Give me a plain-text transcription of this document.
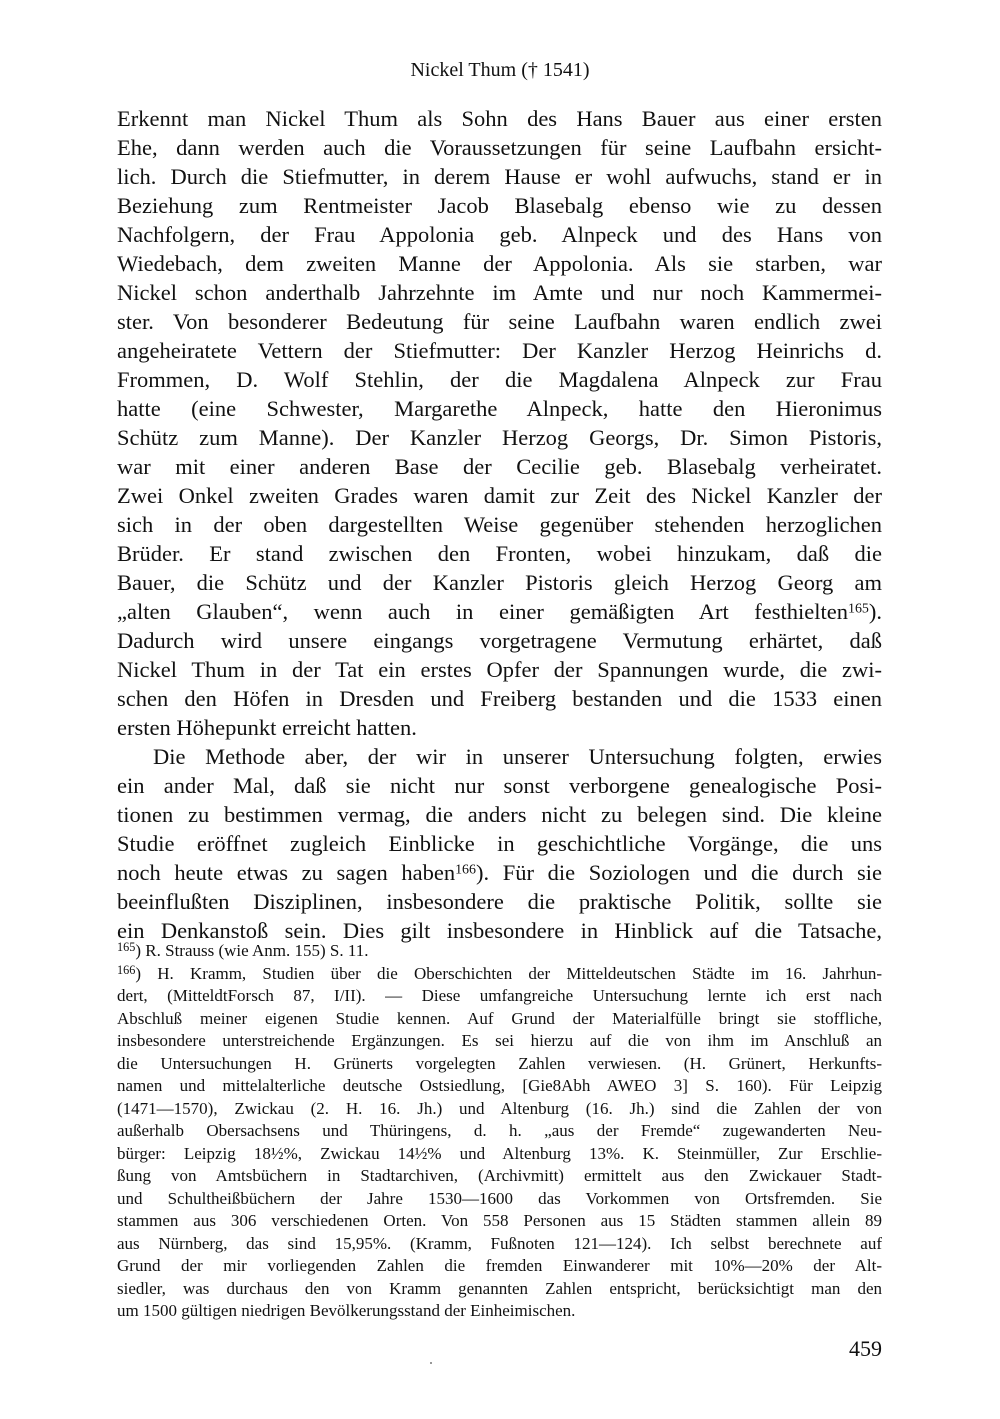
Nickel Thum († 1541)

Erkennt man Nickel Thum als Sohn des Hans Bauer aus einer ersten
Ehe, dann werden auch die Voraussetzungen für seine Laufbahn ersicht-
lich. Durch die Stiefmutter, in derem Hause er wohl aufwuchs, stand er in
Beziehung zum Rentmeister Jacob Blasebalg ebenso wie zu dessen
Nachfolgern, der Frau Appolonia geb. Alnpeck und des Hans von
Wiedebach, dem zweiten Manne der Appolonia. Als sie starben, war
Nickel schon anderthalb Jahrzehnte im Amte und nur noch Kammermei-
ster. Von besonderer Bedeutung für seine Laufbahn waren endlich zwei
angeheiratete Vettern der Stiefmutter: Der Kanzler Herzog Heinrichs d.
Frommen, D. Wolf Stehlin, der die Magdalena Alnpeck zur Frau
hatte (eine Schwester, Margarethe Alnpeck, hatte den Hieronimus
Schütz zum Manne). Der Kanzler Herzog Georgs, Dr. Simon Pistoris,
war mit einer anderen Base der Cecilie geb. Blasebalg verheiratet.
Zwei Onkel zweiten Grades waren damit zur Zeit des Nickel Kanzler der
sich in der oben dargestellten Weise gegenüber stehenden herzoglichen
Brüder. Er stand zwischen den Fronten, wobei hinzukam, daß die
Bauer, die Schütz und der Kanzler Pistoris gleich Herzog Georg am
„alten Glauben“, wenn auch in einer gemäßigten Art festhielten$^{165}$).
Dadurch wird unsere eingangs vorgetragene Vermutung erhärtet, daß
Nickel Thum in der Tat ein erstes Opfer der Spannungen wurde, die zwi-
schen den Höfen in Dresden und Freiberg bestanden und die 1533 einen
ersten Höhepunkt erreicht hatten.

Die Methode aber, der wir in unserer Untersuchung folgten, erwies
ein ander Mal, daß sie nicht nur sonst verborgene genealogische Posi-
tionen zu bestimmen vermag, die anders nicht zu belegen sind. Die kleine
Studie eröffnet zugleich Einblicke in geschichtliche Vorgänge, die uns
noch heute etwas zu sagen haben$^{166}$). Für die Soziologen und die durch sie
beeinflußten Disziplinen, insbesondere die praktische Politik, sollte sie
ein Denkanstoß sein. Dies gilt insbesondere in Hinblick auf die Tatsache,

$^{165}$) R. Strauss (wie Anm. 155) S. 11.

$^{166}$) H. Kramm, Studien über die Oberschichten der Mitteldeutschen Städte im 16. Jahrhun-
dert, (MitteldtForsch 87, I/II). — Diese umfangreiche Untersuchung lernte ich erst nach
Abschluß meiner eigenen Studie kennen. Auf Grund der Materialfülle bringt sie stoffliche,
insbesondere unterstreichende Ergänzungen. Es sei hierzu auf die von ihm im Anschluß an
die Untersuchungen H. Grünerts vorgelegten Zahlen verwiesen. (H. Grünert, Herkunfts-
namen und mittelalterliche deutsche Ostsiedlung, [Gie8Abh AWEO 3] S. 160). Für Leipzig
(1471—1570), Zwickau (2. H. 16. Jh.) und Altenburg (16. Jh.) sind die Zahlen der von
außerhalb Obersachsens und Thüringens, d. h. „aus der Fremde“ zugewanderten Neu-
bürger: Leipzig 18½%, Zwickau 14½% und Altenburg 13%. K. Steinmüller, Zur Erschlie-
ßung von Amtsbüchern in Stadtarchiven, (Archivmitt) ermittelt aus den Zwickauer Stadt-
und Schultheißbüchern der Jahre 1530—1600 das Vorkommen von Ortsfremden. Sie
stammen aus 306 verschiedenen Orten. Von 558 Personen aus 15 Städten stammen allein 89
aus Nürnberg, das sind 15,95%. (Kramm, Fußnoten 121—124). Ich selbst berechnete auf
Grund der mir vorliegenden Zahlen die fremden Einwanderer mit 10%—20% der Alt-
siedler, was durchaus den von Kramm genannten Zahlen entspricht, berücksichtigt man den
um 1500 gültigen niedrigen Bevölkerungsstand der Einheimischen.

459
